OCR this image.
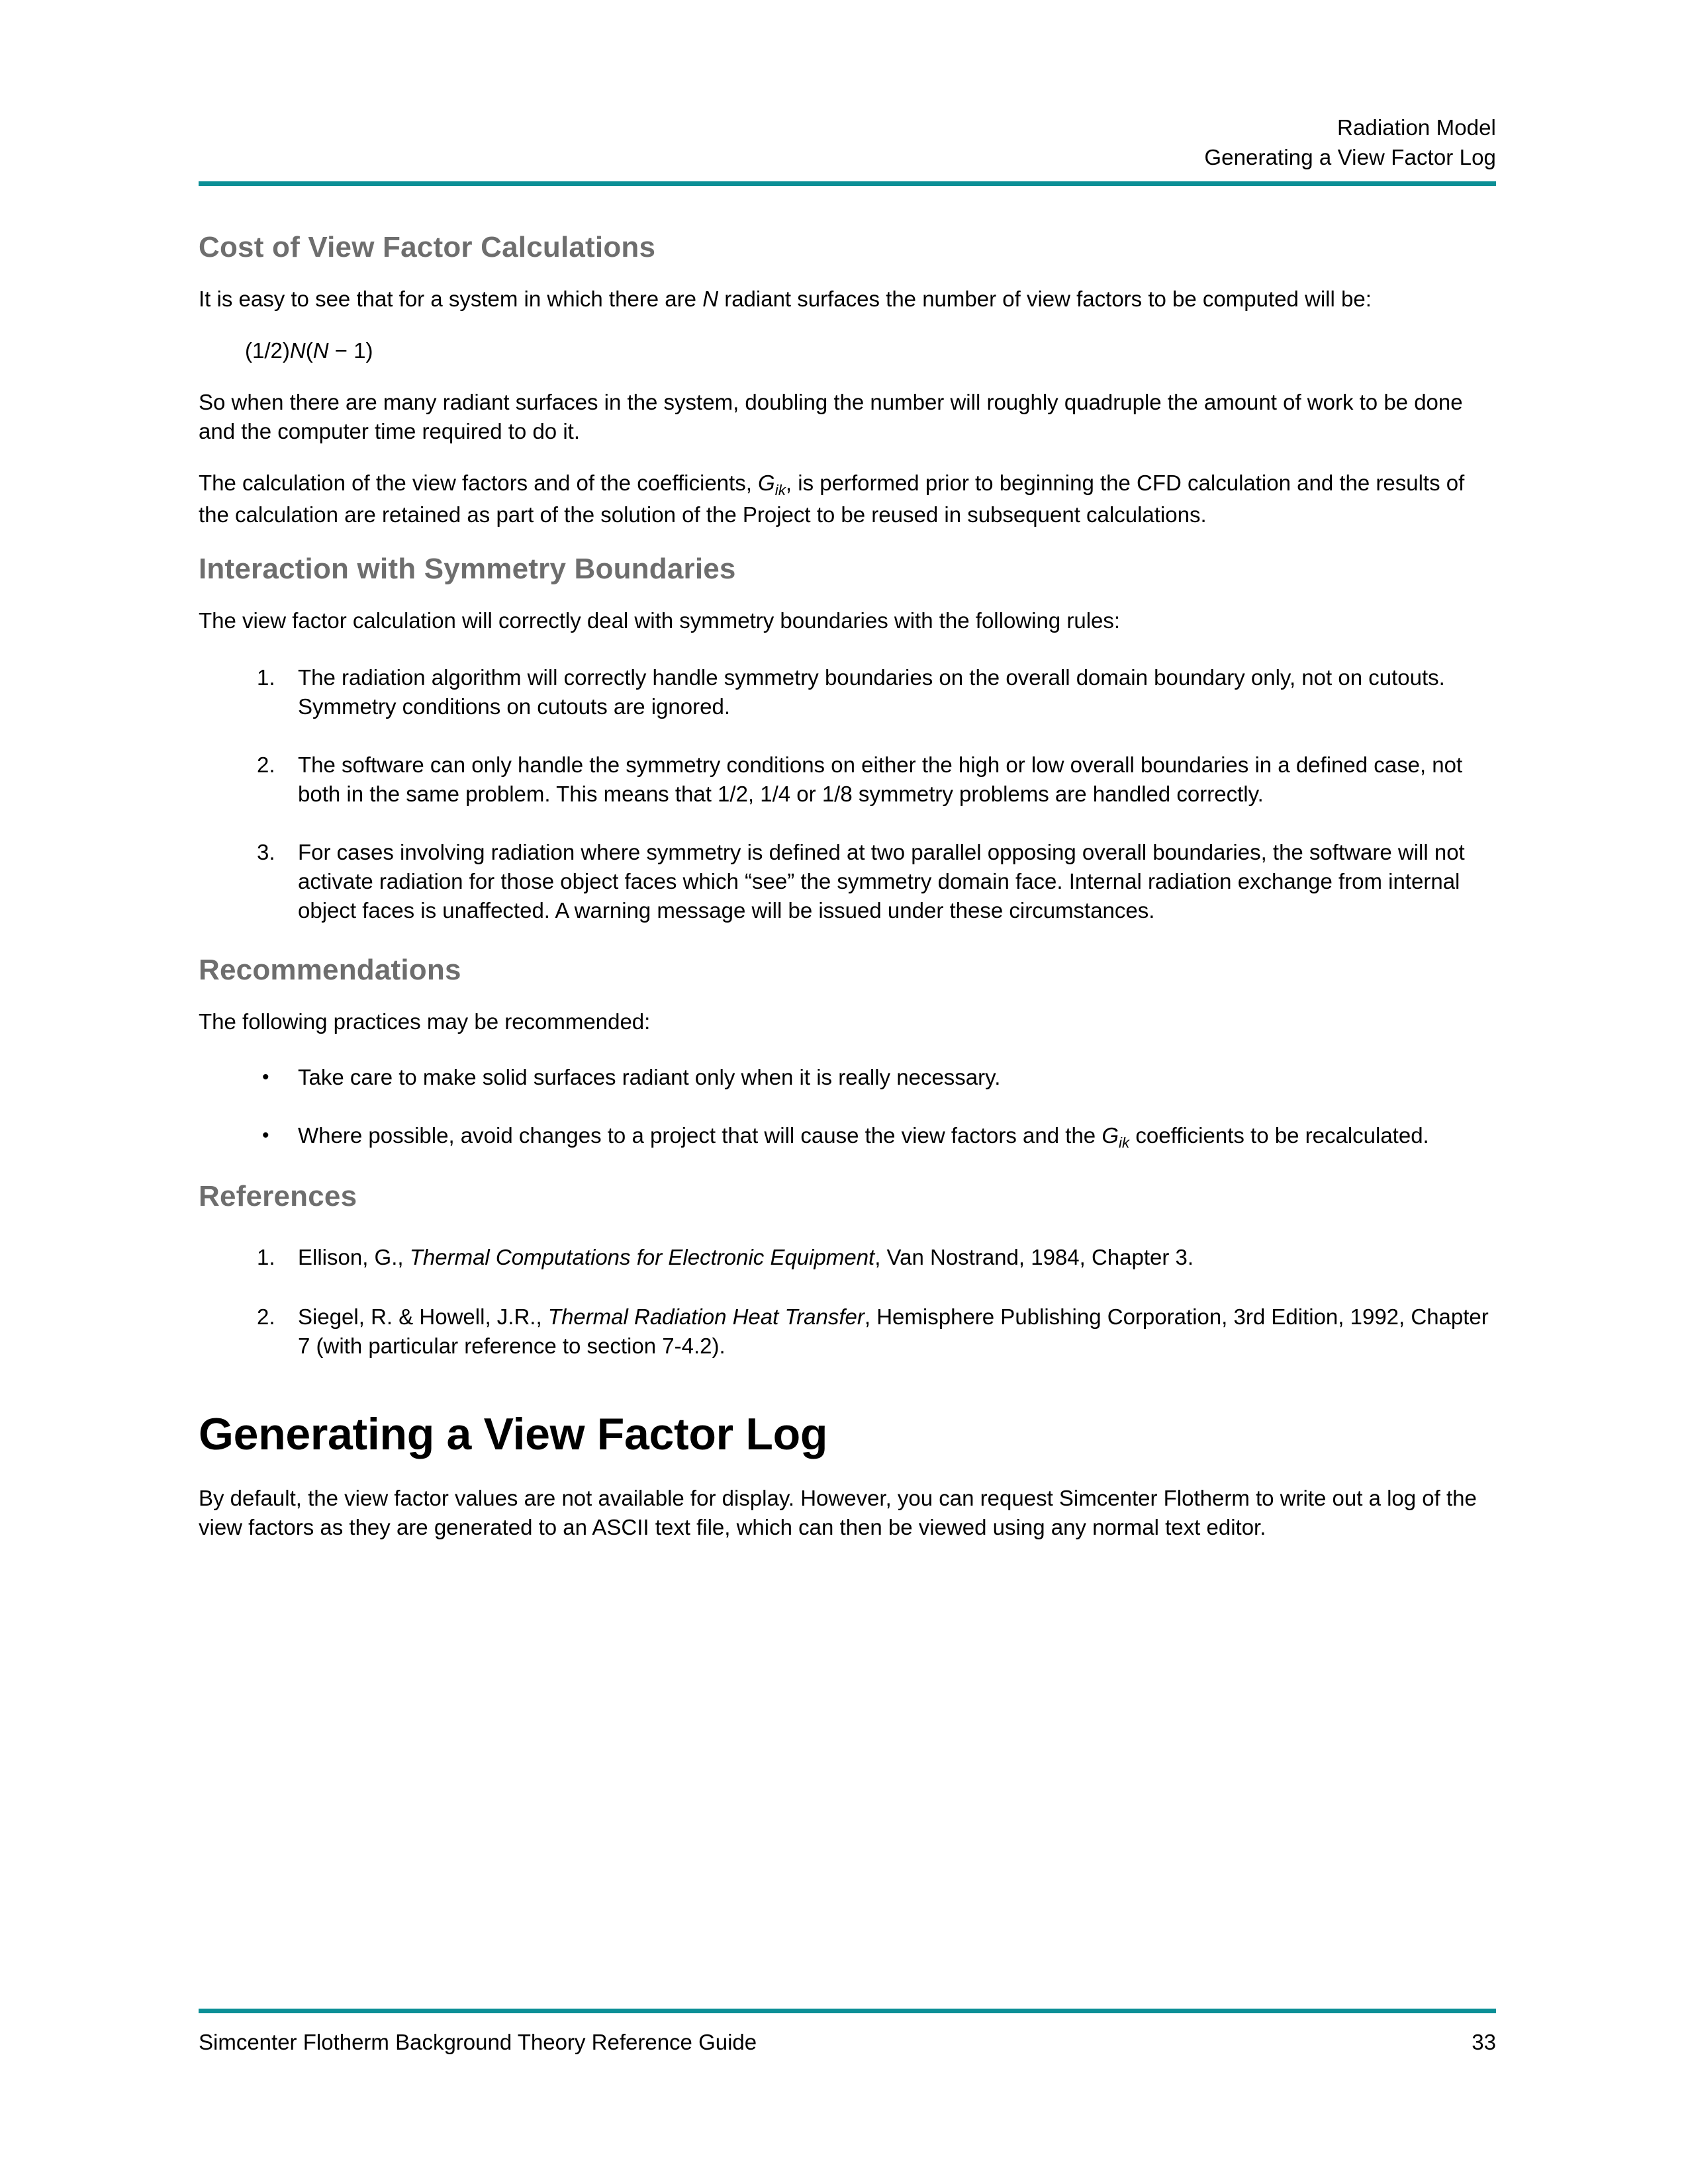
Radiation Model
Generating a View Factor Log
Cost of View Factor Calculations

It is easy to see that for a system in which there are N radiant surfaces the number of view factors to be computed will be:

(1/2)N(N − 1)

So when there are many radiant surfaces in the system, doubling the number will roughly quadruple the amount of work to be done and the computer time required to do it.

The calculation of the view factors and of the coefficients, $G_{ik}$, is performed prior to beginning the CFD calculation and the results of the calculation are retained as part of the solution of the Project to be reused in subsequent calculations.

Interaction with Symmetry Boundaries

The view factor calculation will correctly deal with symmetry boundaries with the following rules:

1.	The radiation algorithm will correctly handle symmetry boundaries on the overall domain boundary only, not on cutouts. Symmetry conditions on cutouts are ignored.
2.	The software can only handle the symmetry conditions on either the high or low overall boundaries in a defined case, not both in the same problem. This means that 1/2, 1/4 or 1/8 symmetry problems are handled correctly.
3.	For cases involving radiation where symmetry is defined at two parallel opposing overall boundaries, the software will not activate radiation for those object faces which “see” the symmetry domain face. Internal radiation exchange from internal object faces is unaffected. A warning message will be issued under these circumstances.
Recommendations

The following practices may be recommended:

•	Take care to make solid surfaces radiant only when it is really necessary.
•	Where possible, avoid changes to a project that will cause the view factors and the $G_{ik}$ coefficients to be recalculated.
References
1.	Ellison, G., Thermal Computations for Electronic Equipment, Van Nostrand, 1984, Chapter 3.
2.	Siegel, R. & Howell, J.R., Thermal Radiation Heat Transfer, Hemisphere Publishing Corporation, 3rd Edition, 1992, Chapter 7 (with particular reference to section 7-4.2).
Generating a View Factor Log

By default, the view factor values are not available for display. However, you can request Simcenter Flotherm to write out a log of the view factors as they are generated to an ASCII text file, which can then be viewed using any normal text editor.

Simcenter Flotherm Background Theory Reference Guide	33
